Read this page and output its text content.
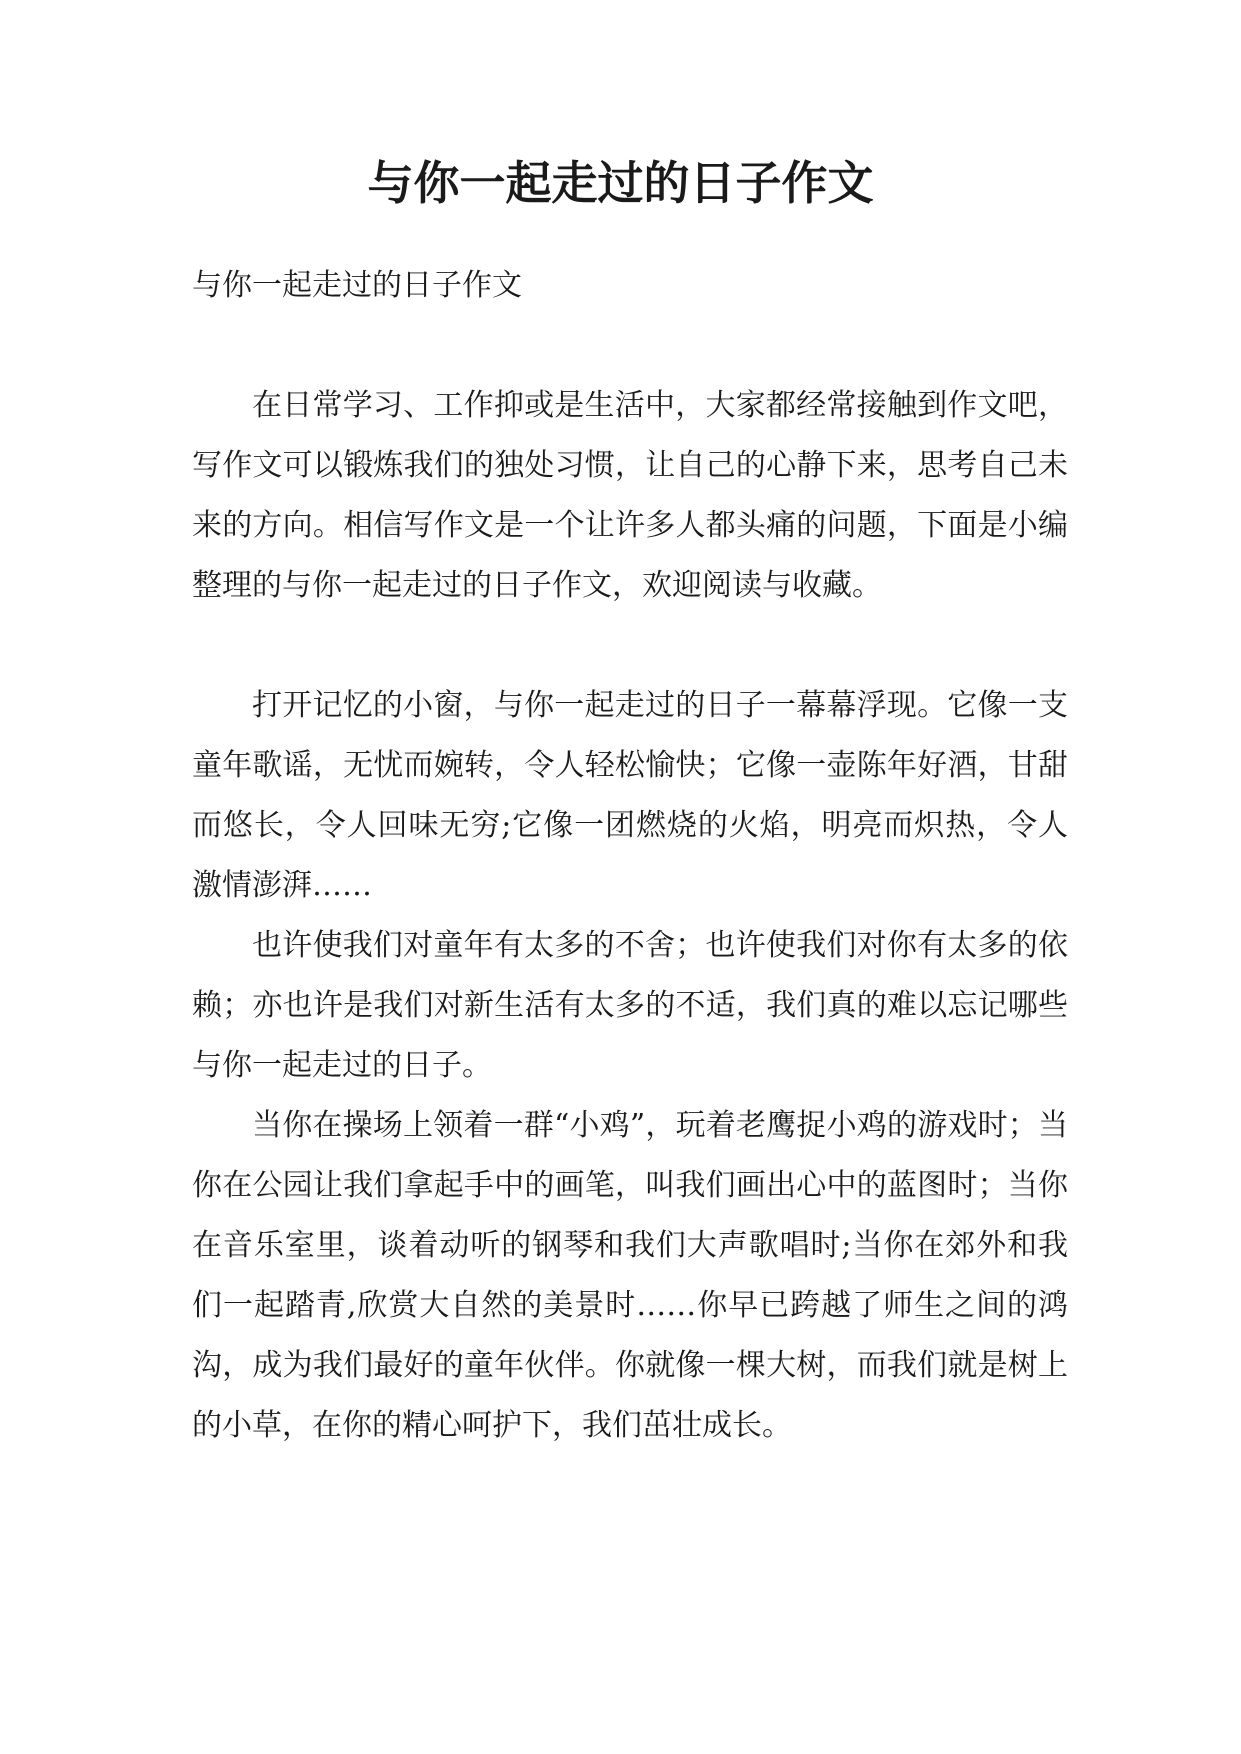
与你一起走过的日子作文

与你一起走过的日子作文

在日常学习、工作抑或是生活中，大家都经常接触到作文吧，写作文可以锻炼我们的独处习惯，让自己的心静下来，思考自己未来的方向。相信写作文是一个让许多人都头痛的问题，下面是小编整理的与你一起走过的日子作文，欢迎阅读与收藏。

打开记忆的小窗，与你一起走过的日子一幕幕浮现。它像一支童年歌谣，无忧而婉转，令人轻松愉快；它像一壶陈年好酒，甘甜而悠长，令人回味无穷;它像一团燃烧的火焰，明亮而炽热，令人激情澎湃……

也许使我们对童年有太多的不舍；也许使我们对你有太多的依赖；亦也许是我们对新生活有太多的不适，我们真的难以忘记哪些与你一起走过的日子。

当你在操场上领着一群“小鸡”，玩着老鹰捉小鸡的游戏时；当你在公园让我们拿起手中的画笔，叫我们画出心中的蓝图时；当你在音乐室里，谈着动听的钢琴和我们大声歌唱时;当你在郊外和我们一起踏青,欣赏大自然的美景时……你早已跨越了师生之间的鸿沟，成为我们最好的童年伙伴。你就像一棵大树，而我们就是树上的小草，在你的精心呵护下，我们茁壮成长。
